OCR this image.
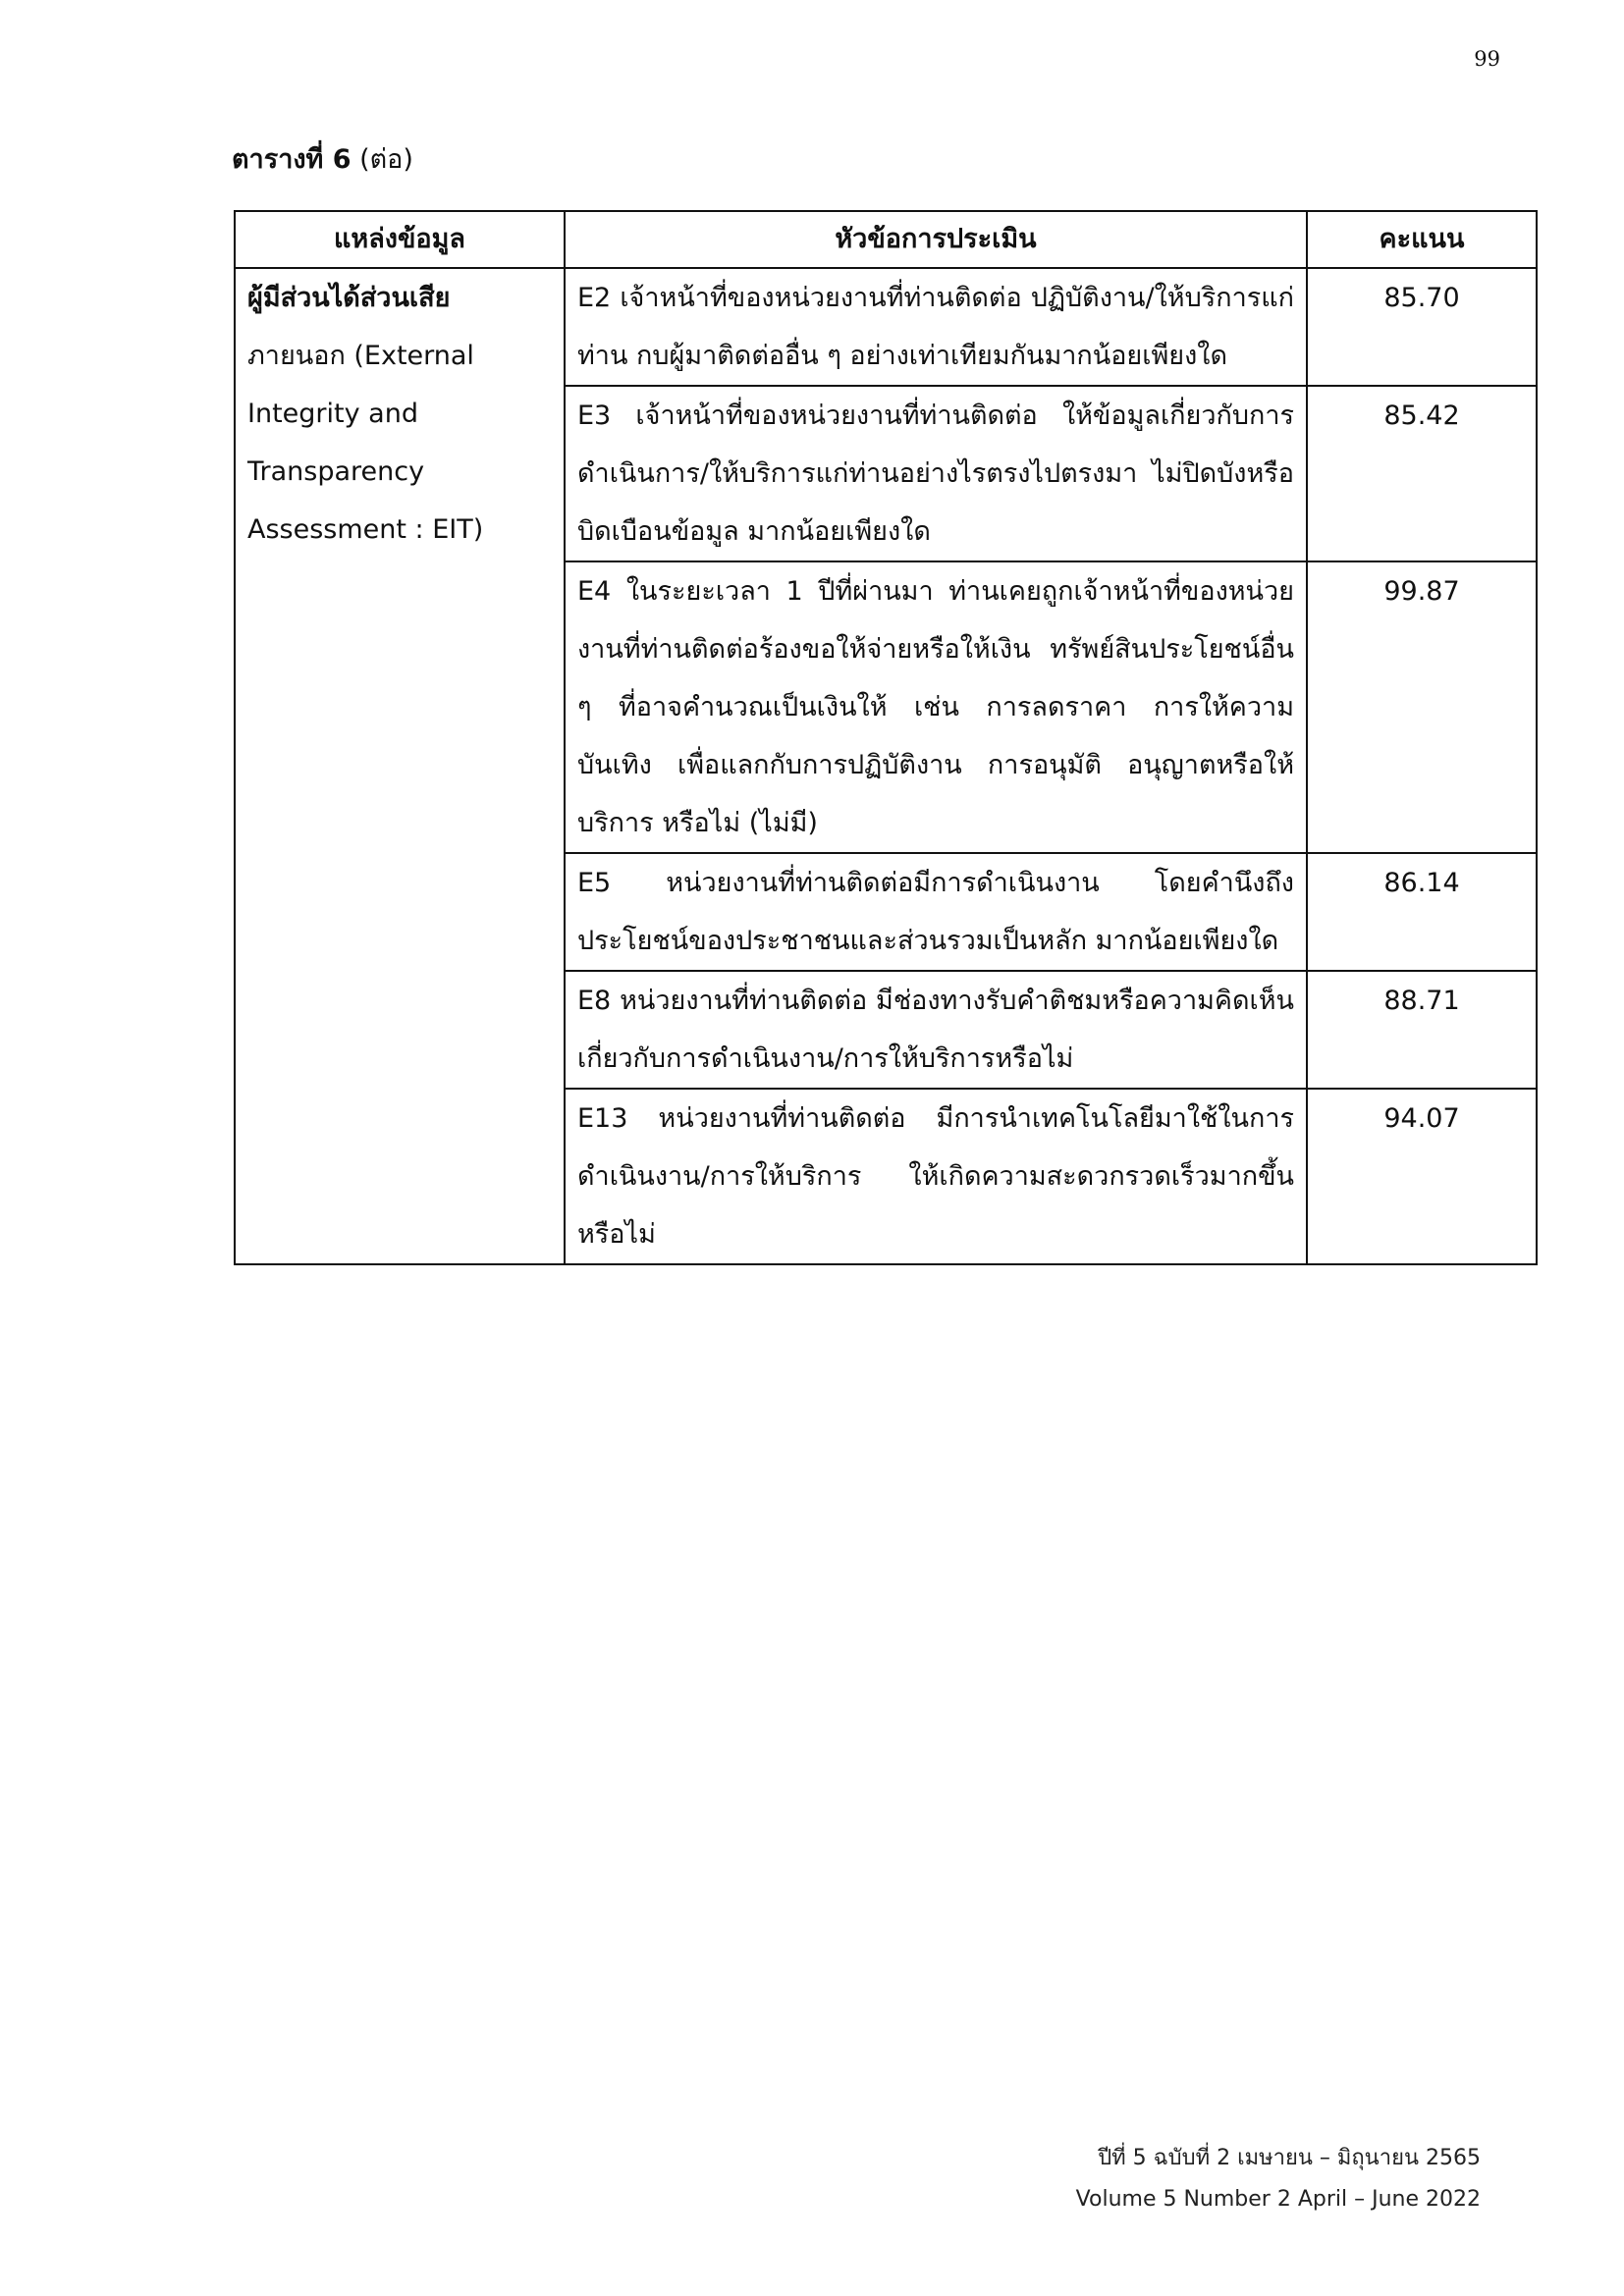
99
ตารางที่ 6 (ต่อ)
แหล่งข้อมูล	หัวข้อการประเมิน	คะแนน

ผู้มีส่วนได้ส่วนเสีย
ภายนอก (External Integrity and Transparency Assessment : EIT)	E2 เจ้าหน้าที่ของหน่วยงานที่ท่านติดต่อ ปฏิบัติงาน/ให้บริการแก่ท่าน กบผู้มาติดต่ออื่น ๆ อย่างเท่าเทียมกันมากน้อยเพียงใด	85.70
	E3 เจ้าหน้าที่ของหน่วยงานที่ท่านติดต่อ ให้ข้อมูลเกี่ยวกับการดำเนินการ/ให้บริการแก่ท่านอย่างไรตรงไปตรงมา ไม่ปิดบังหรือบิดเบือนข้อมูล มากน้อยเพียงใด	85.42
	E4 ในระยะเวลา 1 ปีที่ผ่านมา ท่านเคยถูกเจ้าหน้าที่ของหน่วยงานที่ท่านติดต่อร้องขอให้จ่ายหรือให้เงิน ทรัพย์สินประโยชน์อื่น ๆ ที่อาจคำนวณเป็นเงินให้ เช่น การลดราคา การให้ความบันเทิง เพื่อแลกกับการปฏิบัติงาน การอนุมัติ อนุญาตหรือให้บริการ หรือไม่ (ไม่มี)	99.87
	E5 หน่วยงานที่ท่านติดต่อมีการดำเนินงาน โดยคำนึงถึงประโยชน์ของประชาชนและส่วนรวมเป็นหลัก มากน้อยเพียงใด	86.14
	E8 หน่วยงานที่ท่านติดต่อ มีช่องทางรับคำติชมหรือความคิดเห็นเกี่ยวกับการดำเนินงาน/การให้บริการหรือไม่	88.71
	E13 หน่วยงานที่ท่านติดต่อ มีการนำเทคโนโลยีมาใช้ในการดำเนินงาน/การให้บริการ ให้เกิดความสะดวกรวดเร็วมากขึ้นหรือไม่	94.07
ปีที่ 5 ฉบับที่ 2 เมษายน – มิถุนายน 2565
Volume 5 Number 2 April – June 2022
